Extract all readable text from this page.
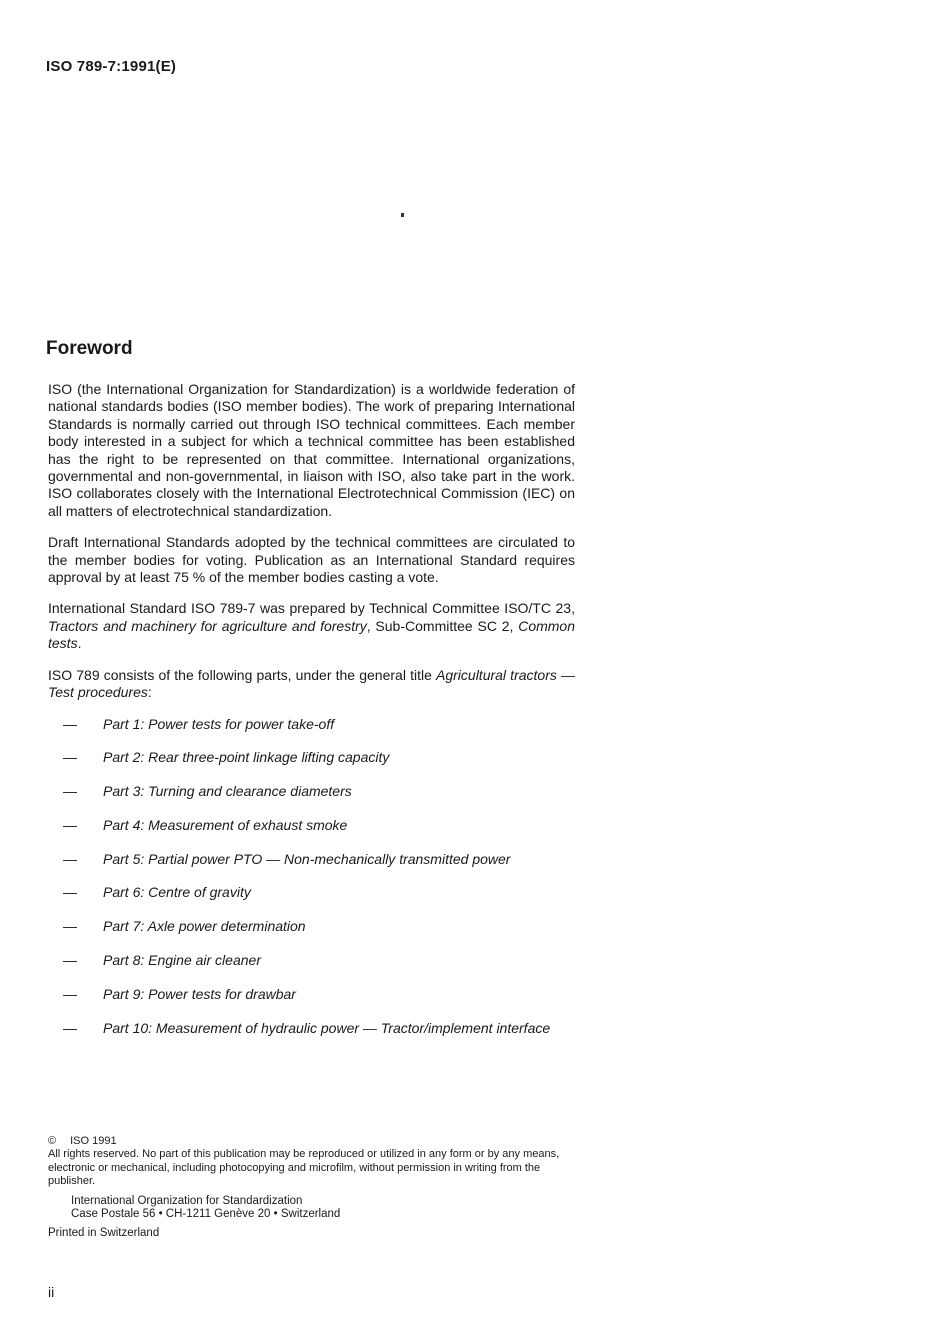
ISO 789-7:1991(E)
Foreword

ISO (the International Organization for Standardization) is a worldwide federation of national standards bodies (ISO member bodies). The work of preparing International Standards is normally carried out through ISO technical committees. Each member body interested in a subject for which a technical committee has been established has the right to be represented on that committee. International organizations, governmental and non-governmental, in liaison with ISO, also take part in the work. ISO collaborates closely with the International Electrotechnical Commission (IEC) on all matters of electrotechnical standardization.

Draft International Standards adopted by the technical committees are circulated to the member bodies for voting. Publication as an International Standard requires approval by at least 75 % of the member bodies casting a vote.

International Standard ISO 789-7 was prepared by Technical Committee ISO/TC 23, Tractors and machinery for agriculture and forestry, Sub-Committee SC 2, Common tests.

ISO 789 consists of the following parts, under the general title Agricultural tractors — Test procedures:

—	Part 1: Power tests for power take-off
—	Part 2: Rear three-point linkage lifting capacity
—	Part 3: Turning and clearance diameters
—	Part 4: Measurement of exhaust smoke
—	Part 5: Partial power PTO — Non-mechanically transmitted power
—	Part 6: Centre of gravity
—	Part 7: Axle power determination
—	Part 8: Engine air cleaner
—	Part 9: Power tests for drawbar
—	Part 10: Measurement of hydraulic power — Tractor/implement interface
© ISO 1991
All rights reserved. No part of this publication may be reproduced or utilized in any form or by any means, electronic or mechanical, including photocopying and microfilm, without permission in writing from the publisher.
International Organization for Standardization
Case Postale 56 • CH-1211 Genève 20 • Switzerland
Printed in Switzerland
ii
